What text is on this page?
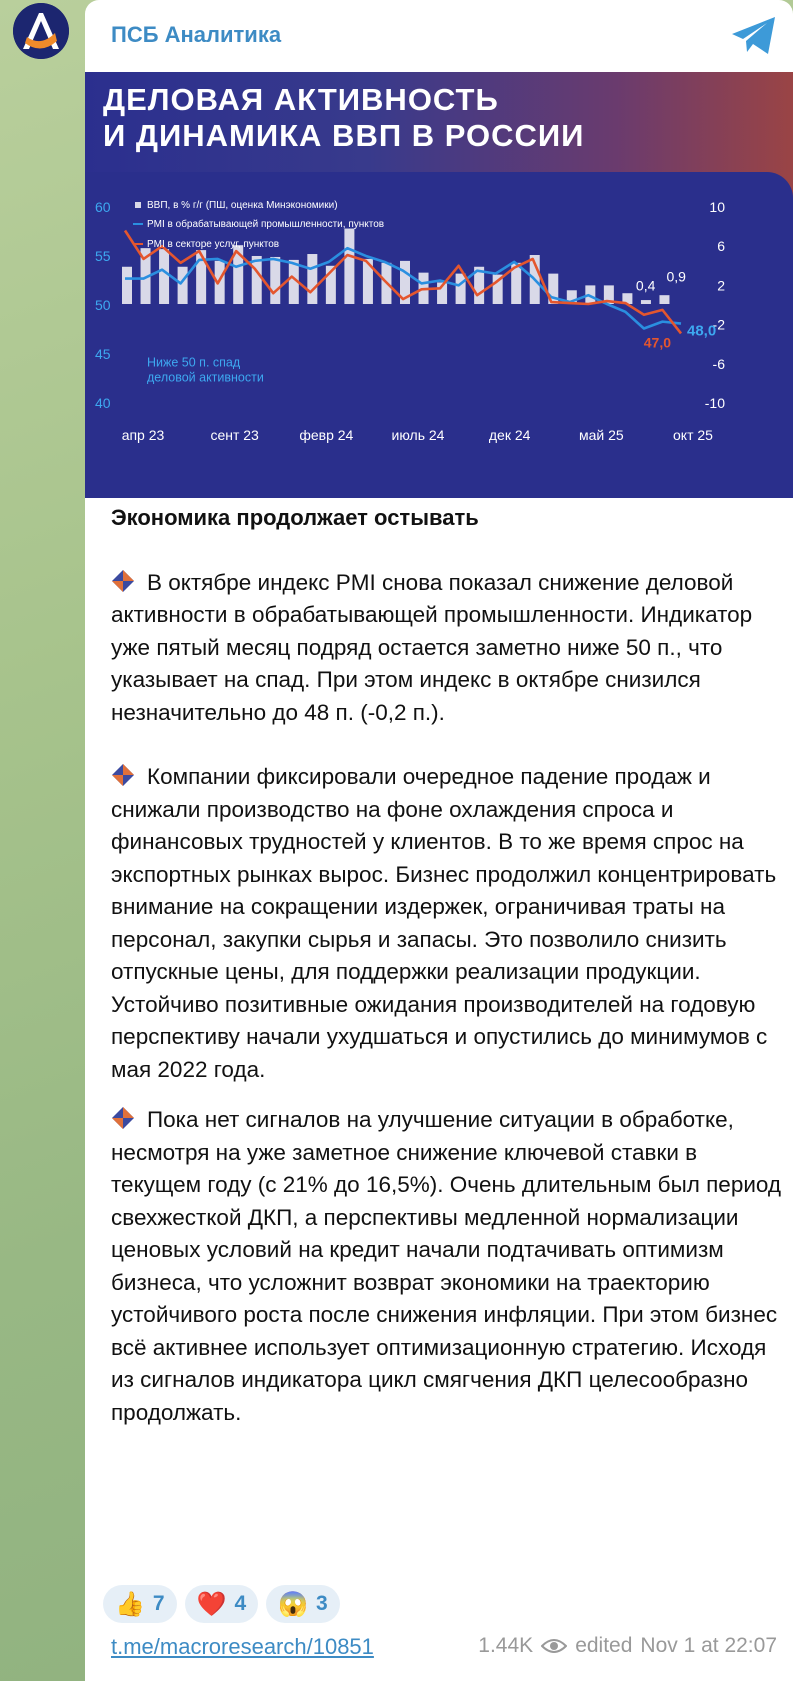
ПСБ Аналитика
ДЕЛОВАЯ АКТИВНОСТЬ
И ДИНАМИКА ВВП В РОССИИ
40
45
50
55
60
-10
-6
-2
2
6
10
ВВП, в % г/г (ПШ, оценка Минэкономики)
PMI в обрабатывающей промышленности, пунктов
PMI в секторе услуг, пунктов
Ниже 50 п. спад
деловой активности
0,4
0,9
47,0
48,0
апр 23	сент 23	февр 24	июль 24	дек 24	май 25	окт 25
Экономика продолжает остывать

В октябре индекс PMI снова показал снижение деловой активности в обрабатывающей промышленности. Индикатор уже пятый месяц подряд остается заметно ниже 50 п., что указывает на спад. При этом индекс в октябре снизился незначительно до 48 п. (-0,2 п.).

Компании фиксировали очередное падение продаж и снижали производство на фоне охлаждения спроса и финансовых трудностей у клиентов. В то же время спрос на экспортных рынках вырос. Бизнес продолжил концентрировать внимание на сокращении издержек, ограничивая траты на персонал, закупки сырья и запасы. Это позволило снизить отпускные цены, для поддержки реализации продукции. Устойчиво позитивные ожидания производителей на годовую перспективу начали ухудшаться и опустились до минимумов с мая 2022 года.

Пока нет сигналов на улучшение ситуации в обработке, несмотря на уже заметное снижение ключевой ставки в текущем году (с 21% до 16,5%). Очень длительным был период свехжесткой ДКП, а перспективы медленной нормализации ценовых условий на кредит начали подтачивать оптимизм бизнеса, что усложнит возврат экономики на траекторию устойчивого роста после снижения инфляции. При этом бизнес всё активнее использует оптимизационную стратегию. Исходя из сигналов индикатора цикл смягчения ДКП целесообразно продолжать.

👍 7 ❤️ 4 😱 3
t.me/macroresearch/10851	1.44K edited Nov 1 at 22:07
